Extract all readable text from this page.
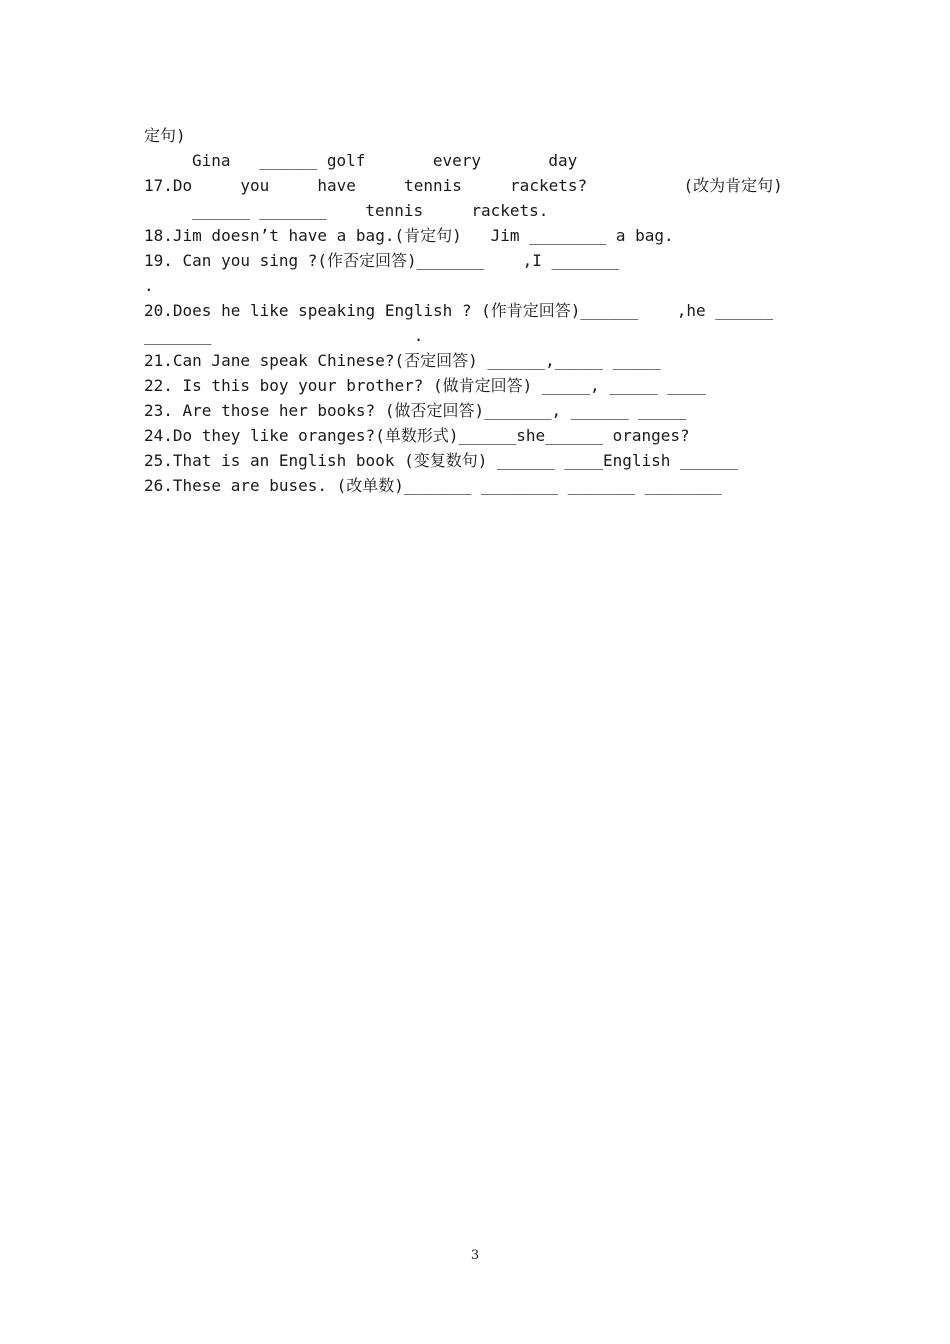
定句)
Gina   ______ golf       every       day
17.Do     you     have     tennis     rackets?          (改为肯定句)
______ _______    tennis     rackets.
18.Jim doesn’t have a bag.(肯定句)   Jim ________ a bag.
19. Can you sing ?(作否定回答)_______    ,I _______
.
20.Does he like speaking English ? (作肯定回答)______    ,he ______
_______                     .
21.Can Jane speak Chinese?(否定回答) ______,_____ _____
22. Is this boy your brother? (做肯定回答) _____, _____ ____
23. Are those her books? (做否定回答)_______, ______ _____
24.Do they like oranges?(单数形式)______she______ oranges?
25.That is an English book (变复数句) ______ ____English ______
26.These are buses. (改单数)_______ ________ _______ ________
3
